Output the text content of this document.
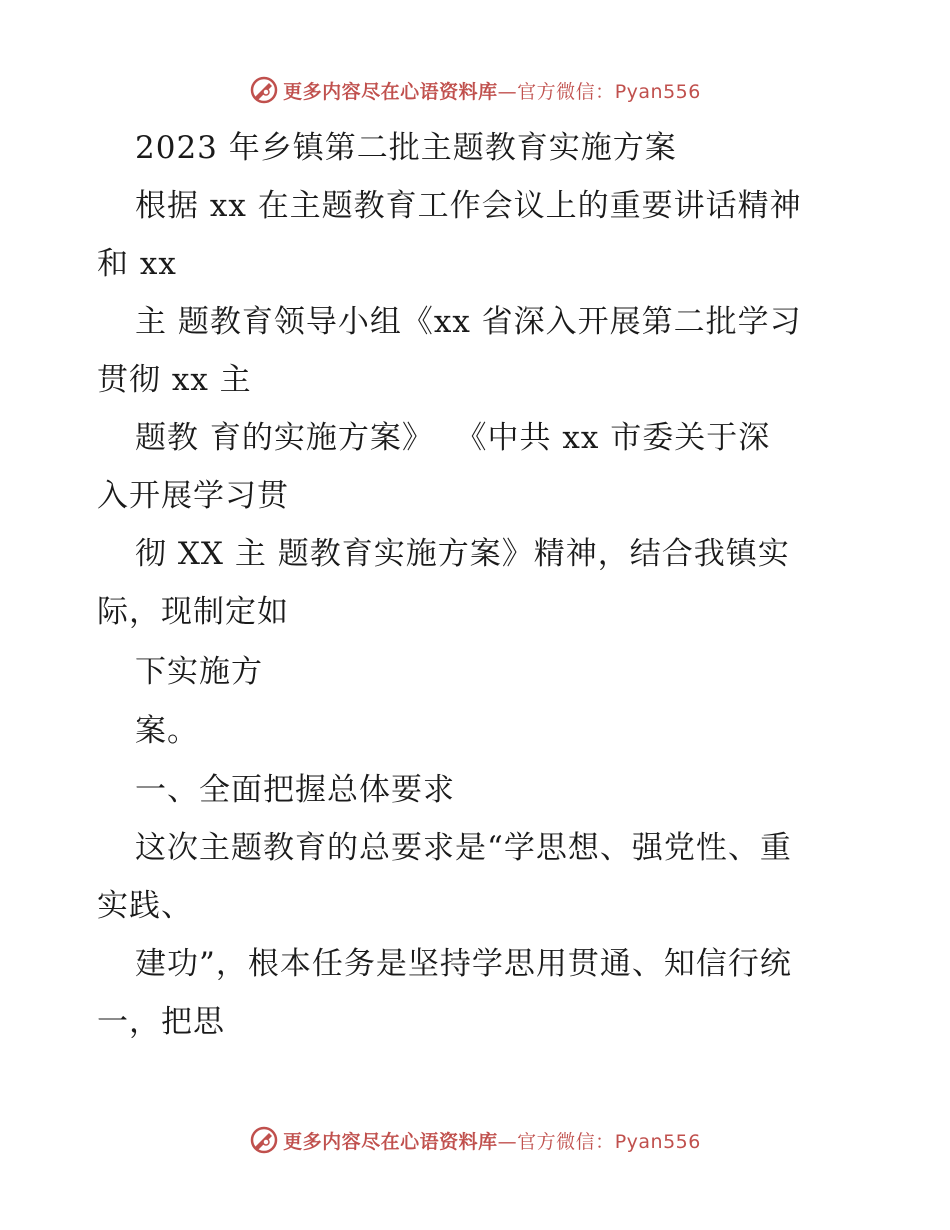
更多内容尽在心语资料库—官方微信：Pyan556
2023 年乡镇第二批主题教育实施方案
根据 xx 在主题教育工作会议上的重要讲话精神
和 xx
主 题教育领导小组《xx 省深入开展第二批学习
贯彻 xx 主
题教 育的实施方案》  《中共 xx 市委关于深
入开展学习贯
彻 XX 主 题教育实施方案》精神，结合我镇实
际，现制定如
下实施方
案。
一、全面把握总体要求
这次主题教育的总要求是“学思想、强党性、重
实践、
建功”，根本任务是坚持学思用贯通、知信行统
一，把思
更多内容尽在心语资料库—官方微信：Pyan556
